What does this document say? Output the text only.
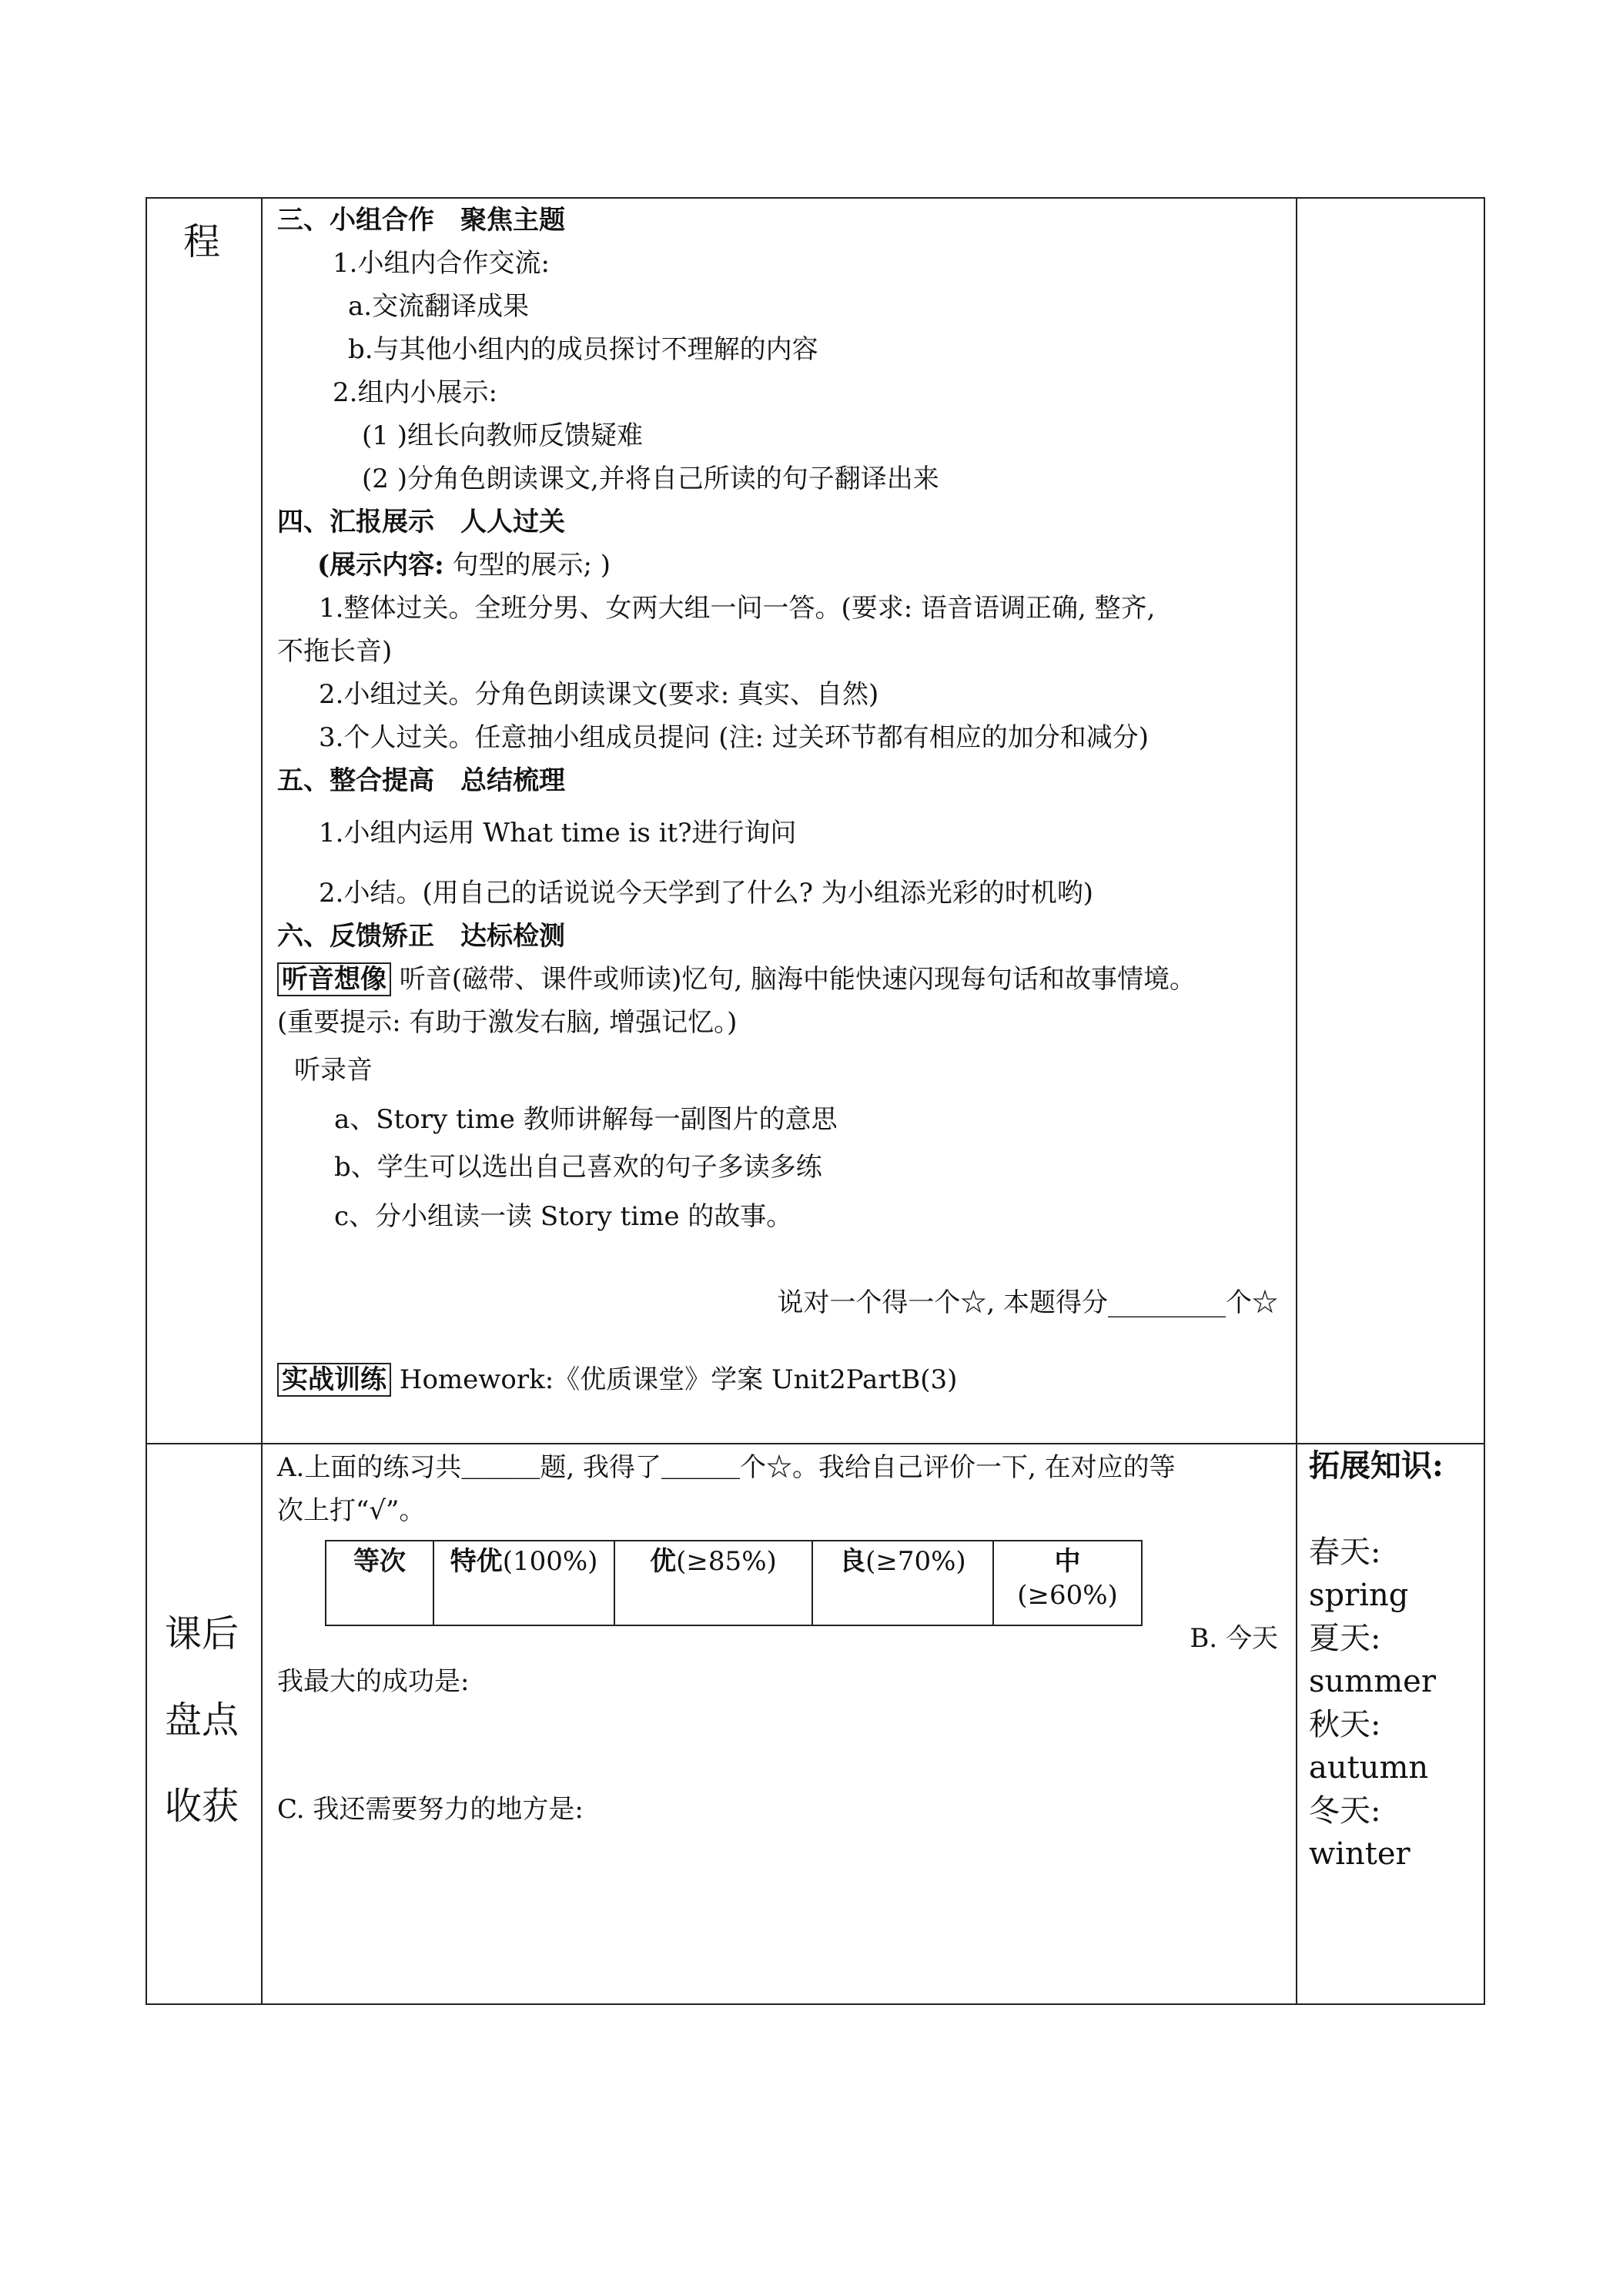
程 三、小组合作　聚焦主题
1.小组内合作交流:
a.交流翻译成果
b.与其他小组内的成员探讨不理解的内容
2.组内小展示:
(1 )组长向教师反馈疑难
(2 )分角色朗读课文,并将自己所读的句子翻译出来
四、汇报展示　人人过关
(展示内容: 句型的展示; )
1.整体过关。全班分男、女两大组一问一答。(要求: 语音语调正确, 整齐,
不拖长音)
2.小组过关。分角色朗读课文(要求: 真实、自然)
3.个人过关。任意抽小组成员提问 (注: 过关环节都有相应的加分和减分)
五、整合提高　总结梳理
1.小组内运用 What time is it?进行询问
2.小结。(用自己的话说说今天学到了什么? 为小组添光彩的时机哟)
六、反馈矫正　达标检测
听音想像 听音(磁带、课件或师读)忆句, 脑海中能快速闪现每句话和故事情境。
(重要提示: 有助于激发右脑, 增强记忆。)
听录音
a、Story time 教师讲解每一副图片的意思
b、学生可以选出自己喜欢的句子多读多练
c、分小组读一读 Story time 的故事。
说对一个得一个☆, 本题得分_________个☆
实战训练 Homework:《优质课堂》学案 Unit2PartB(3)
课后
盘点
收获
A.上面的练习共＿＿＿题, 我得了＿＿＿个☆。我给自己评价一下, 在对应的等
次上打“√”。
等次	特优(100%)	优(≥85%)	良(≥70%)	中
(≥60%)
B. 今天
我最大的成功是:
C. 我还需要努力的地方是:
拓展知识:
春天:
spring
夏天:
summer
秋天:
autumn
冬天:
winter
